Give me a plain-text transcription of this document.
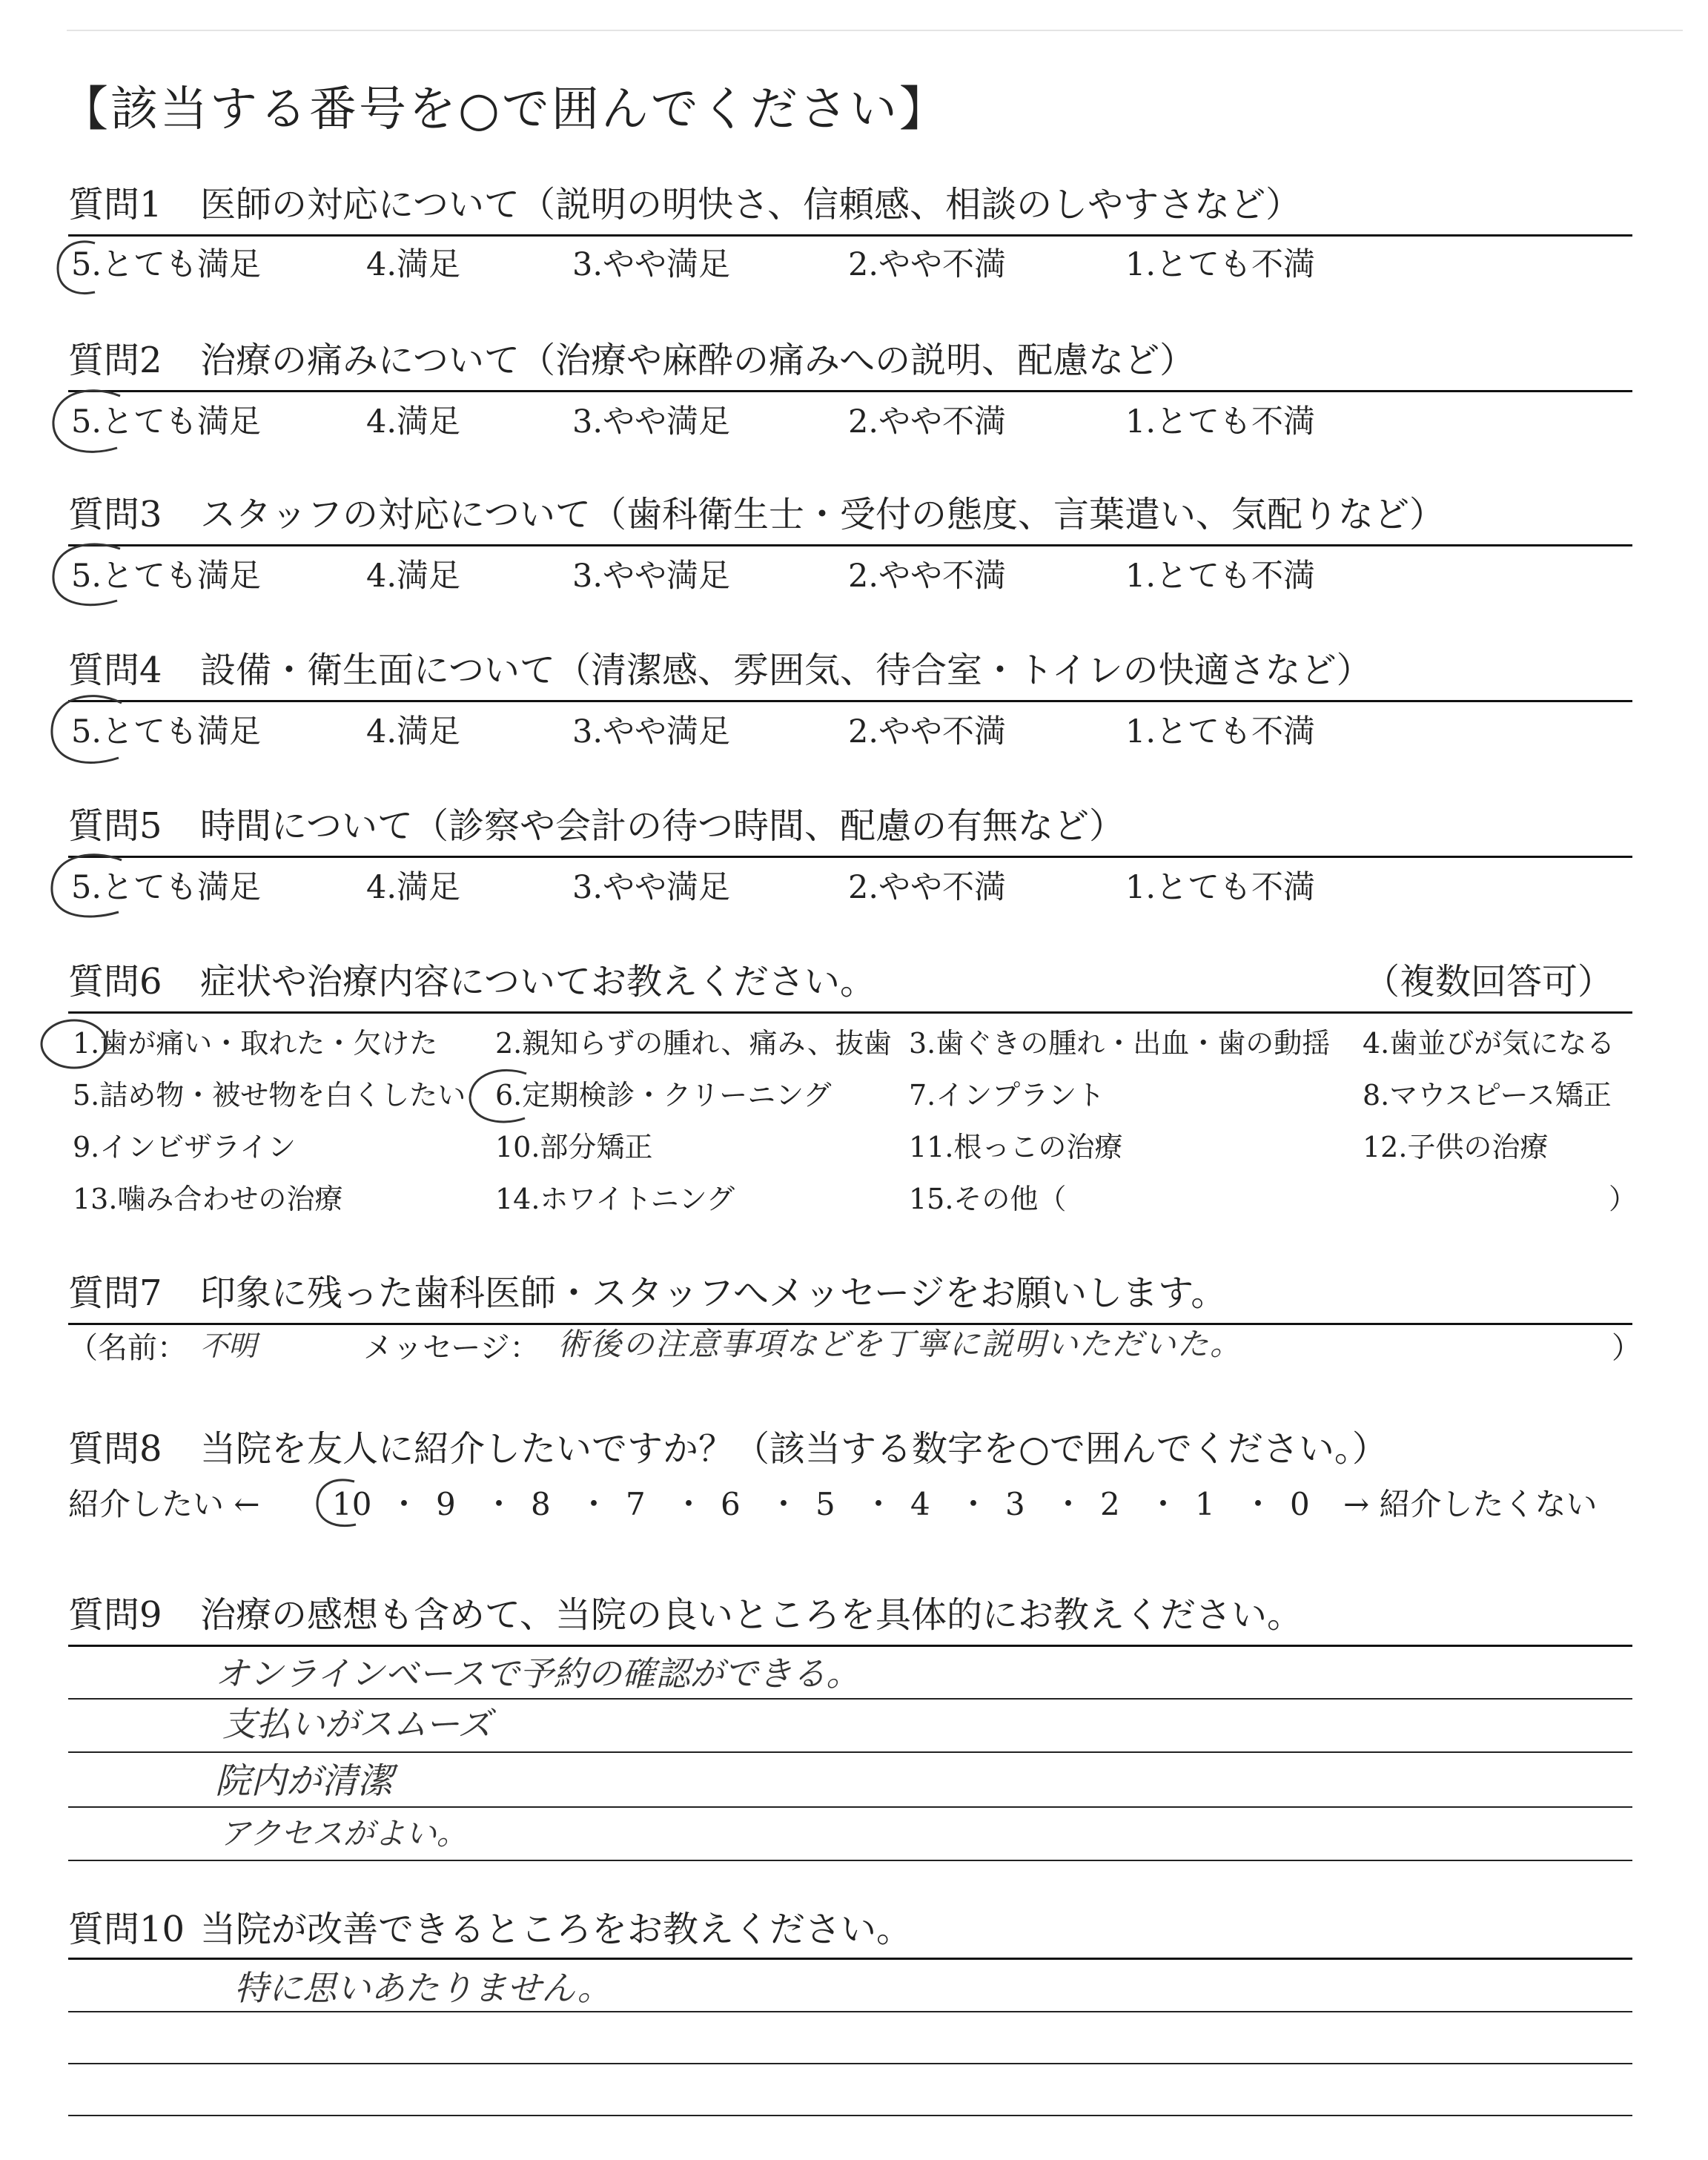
【該当する番号を○で囲んでください】
質問1 医師の対応について（説明の明快さ、信頼感、相談のしやすさなど）
5.とても満足	4.満足	3.やや満足	2.やや不満	1.とても不満
質問2 治療の痛みについて（治療や麻酔の痛みへの説明、配慮など）
5.とても満足	4.満足	3.やや満足	2.やや不満	1.とても不満
質問3 スタッフの対応について（歯科衛生士・受付の態度、言葉遣い、気配りなど）
5.とても満足	4.満足	3.やや満足	2.やや不満	1.とても不満
質問4 設備・衛生面について（清潔感、雰囲気、待合室・トイレの快適さなど）
5.とても満足	4.満足	3.やや満足	2.やや不満	1.とても不満
質問5 時間について（診察や会計の待つ時間、配慮の有無など）
5.とても満足	4.満足	3.やや満足	2.やや不満	1.とても不満
質問6 症状や治療内容についてお教えください。	（複数回答可）
1.歯が痛い・取れた・欠けた 2.親知らずの腫れ、痛み、抜歯 3.歯ぐきの腫れ・出血・歯の動揺 4.歯並びが気になる
5.詰め物・被せ物を白くしたい 6.定期検診・クリーニング	7.インプラント	8.マウスピース矯正
9.インビザライン	10.部分矯正	11.根っこの治療	12.子供の治療
13.噛み合わせの治療	14.ホワイトニング	15.その他（	）
質問7 印象に残った歯科医師・スタッフへメッセージをお願いします。
（名前： 不明	メッセージ： 術後の注意事項などを丁寧に説明いただいた。	）
質問8 当院を友人に紹介したいですか？（該当する数字を○で囲んでください。）
紹介したい ← 10 ・ 9 ・ 8 ・ 7 ・ 6 ・ 5 ・ 4 ・ 3 ・ 2 ・ 1 ・ 0 → 紹介したくない
質問9 治療の感想も含めて、当院の良いところを具体的にお教えください。
オンラインベースで予約の確認ができる。
支払いがスムーズ
院内が清潔
アクセスがよい。
質問10 当院が改善できるところをお教えください。
特に思いあたりません。
